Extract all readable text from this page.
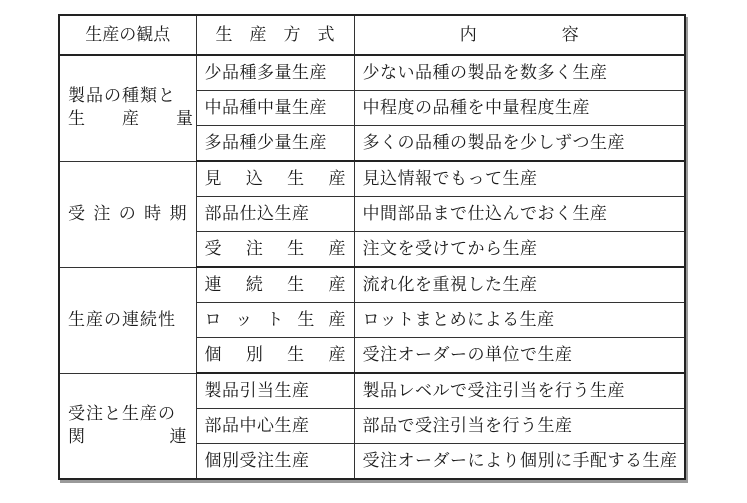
生産の観点	生　産　方　式	内　　　　　容

製品の種類と
生　　産　　量	少品種多量生産	少ない品種の製品を数多く生産
	中品種中量生産	中程度の品種を中量程度生産
	多品種少量生産	多くの品種の製品を少しずつ生産

受注の時期	見込生産	見込情報でもって生産
	部品仕込生産	中間部品まで仕込んでおく生産
	受注生産	注文を受けてから生産

生産の連続性	連続生産	流れ化を重視した生産
	ロット生産	ロットまとめによる生産
	個別生産	受注オーダーの単位で生産

受注と生産の
関　　　　連	製品引当生産	製品レベルで受注引当を行う生産
	部品中心生産	部品で受注引当を行う生産
	個別受注生産	受注オーダーにより個別に手配する生産
